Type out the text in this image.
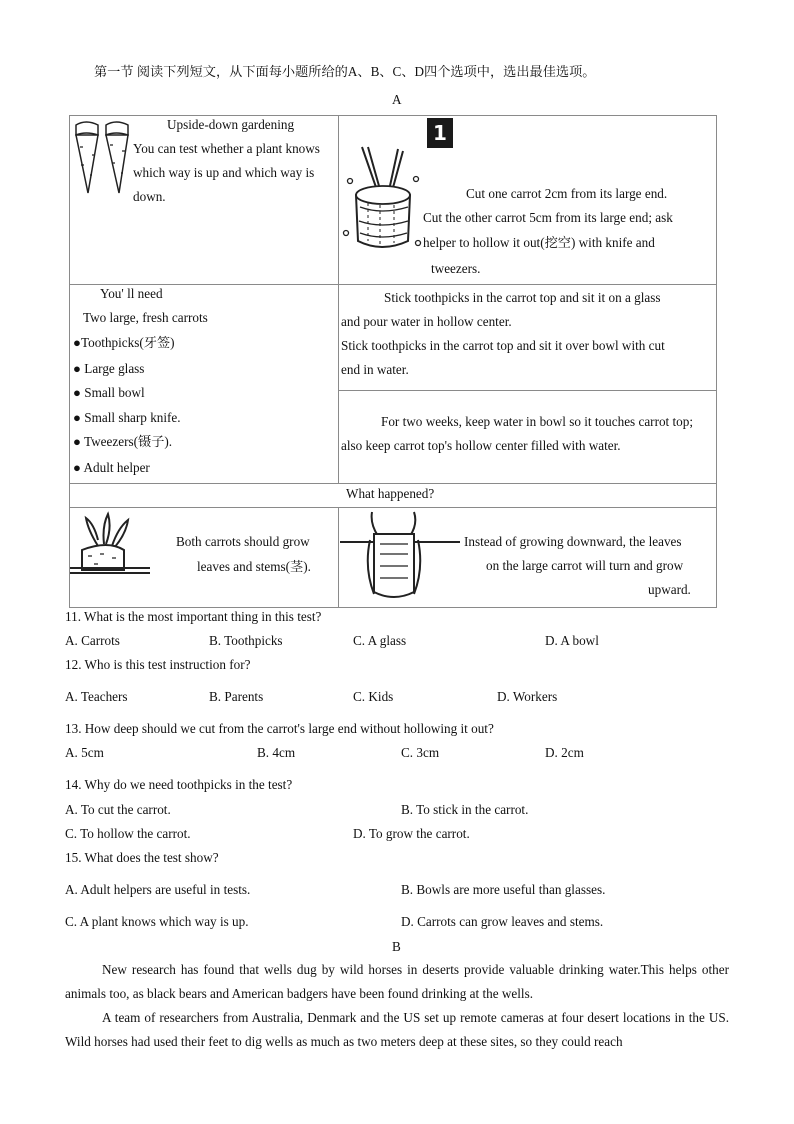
第一节 阅读下列短文，从下面每小题所给的A、B、C、D四个选项中，选出最佳选项。
A
Upside-down gardening
You can test whether a plant knows
which way is up and which way is
down.
1
Cut one carrot 2cm from its large end.
Cut the other carrot 5cm from its large end; ask
helper to hollow it out(挖空) with knife and
tweezers.
You' ll need
Two large, fresh carrots
●Toothpicks(牙签)
● Large glass
● Small bowl
● Small sharp knife.
● Tweezers(镊子).
● Adult helper
Stick toothpicks in the carrot top and sit it on a glass
and pour water in hollow center.
Stick toothpicks in the carrot top and sit it over bowl with cut
end in water.
For two weeks, keep water in bowl so it touches carrot top;
also keep carrot top's hollow center filled with water.
What happened?
Both carrots should grow
leaves and stems(茎).
Instead of growing downward, the leaves
on the large carrot will turn and grow
upward.
11. What is the most important thing in this test?
A. Carrots	B. Toothpicks	C. A glass	D. A bowl
12. Who is this test instruction for?
A. Teachers	B. Parents	C. Kids	D. Workers
13. How deep should we cut from the carrot's large end without hollowing it out?
A. 5cm	B. 4cm	C. 3cm	D. 2cm
14. Why do we need toothpicks in the test?
A. To cut the carrot.	B. To stick in the carrot.
C. To hollow the carrot.	D. To grow the carrot.
15. What does the test show?
A. Adult helpers are useful in tests.	B. Bowls are more useful than glasses.
C. A plant knows which way is up.	D. Carrots can grow leaves and stems.
B

New research has found that wells dug by wild horses in deserts provide valuable drinking water.This helps other animals too, as black bears and American badgers have been found drinking at the wells.

A team of researchers from Australia, Denmark and the US set up remote cameras at four desert locations in the US. Wild horses had used their feet to dig wells as much as two meters deep at these sites, so they could reach
